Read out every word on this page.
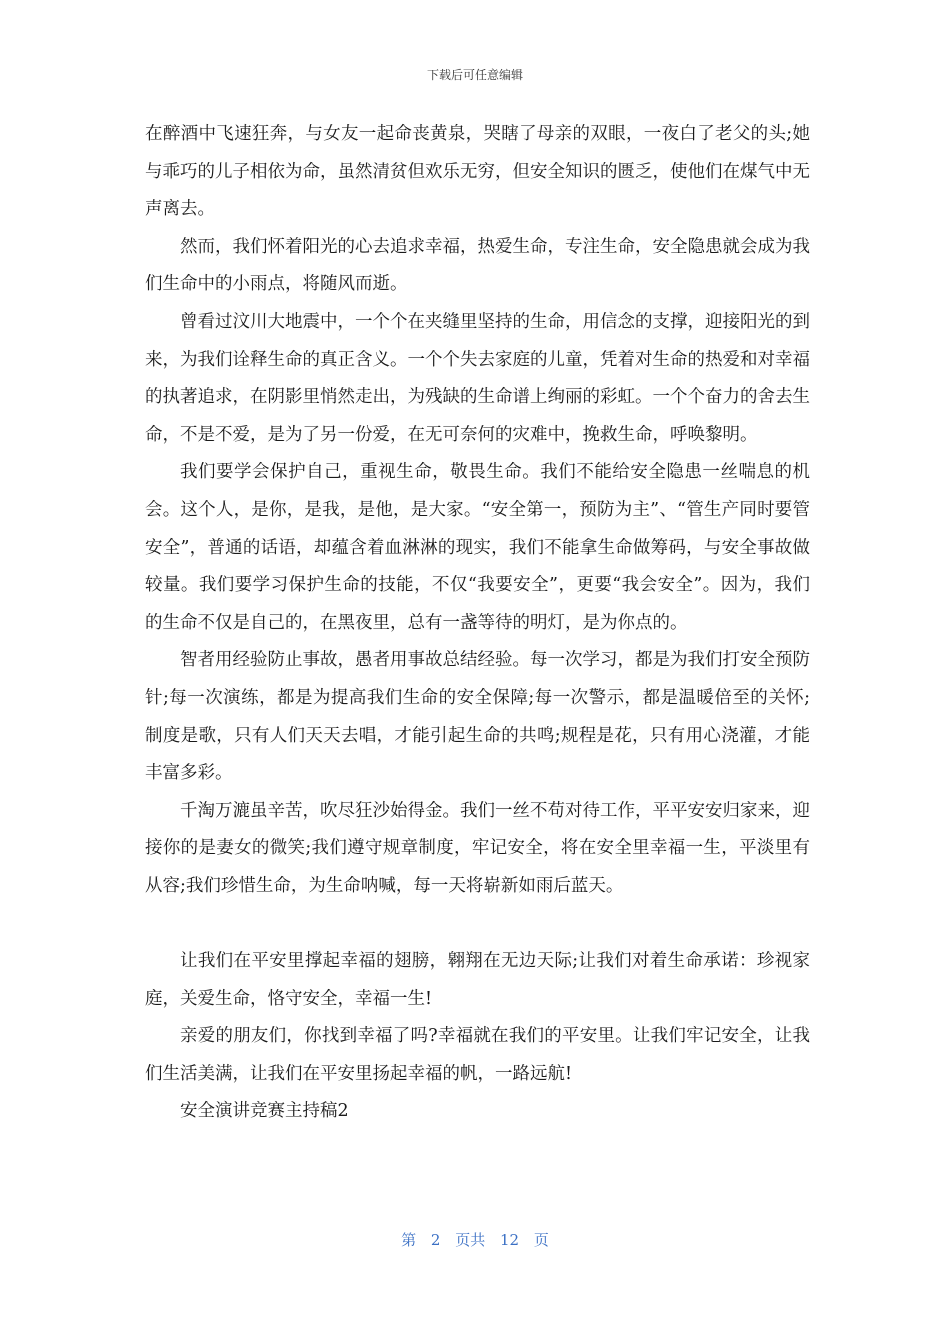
下载后可任意编辑

在醉酒中飞速狂奔，与女友一起命丧黄泉，哭瞎了母亲的双眼，一夜白了老父的头;她与乖巧的儿子相依为命，虽然清贫但欢乐无穷，但安全知识的匮乏，使他们在煤气中无声离去。

然而，我们怀着阳光的心去追求幸福，热爱生命，专注生命，安全隐患就会成为我们生命中的小雨点，将随风而逝。

曾看过汶川大地震中，一个个在夹缝里坚持的生命，用信念的支撑，迎接阳光的到来，为我们诠释生命的真正含义。一个个失去家庭的儿童，凭着对生命的热爱和对幸福的执著追求，在阴影里悄然走出，为残缺的生命谱上绚丽的彩虹。一个个奋力的舍去生命，不是不爱，是为了另一份爱，在无可奈何的灾难中，挽救生命，呼唤黎明。

我们要学会保护自己，重视生命，敬畏生命。我们不能给安全隐患一丝喘息的机会。这个人，是你，是我，是他，是大家。“安全第一，预防为主”、“管生产同时要管安全”，普通的话语，却蕴含着血淋淋的现实，我们不能拿生命做筹码，与安全事故做较量。我们要学习保护生命的技能，不仅“我要安全”，更要“我会安全”。因为，我们的生命不仅是自己的，在黑夜里，总有一盏等待的明灯，是为你点的。

智者用经验防止事故，愚者用事故总结经验。每一次学习，都是为我们打安全预防针;每一次演练，都是为提高我们生命的安全保障;每一次警示，都是温暖倍至的关怀;制度是歌，只有人们天天去唱，才能引起生命的共鸣;规程是花，只有用心浇灌，才能丰富多彩。

千淘万漉虽辛苦，吹尽狂沙始得金。我们一丝不苟对待工作，平平安安归家来，迎接你的是妻女的微笑;我们遵守规章制度，牢记安全，将在安全里幸福一生，平淡里有从容;我们珍惜生命，为生命呐喊，每一天将崭新如雨后蓝天。

让我们在平安里撑起幸福的翅膀，翱翔在无边天际;让我们对着生命承诺：珍视家庭，关爱生命，恪守安全，幸福一生!

亲爱的朋友们，你找到幸福了吗?幸福就在我们的平安里。让我们牢记安全，让我们生活美满，让我们在平安里扬起幸福的帆，一路远航!

安全演讲竞赛主持稿2

第 2 页共 12 页
